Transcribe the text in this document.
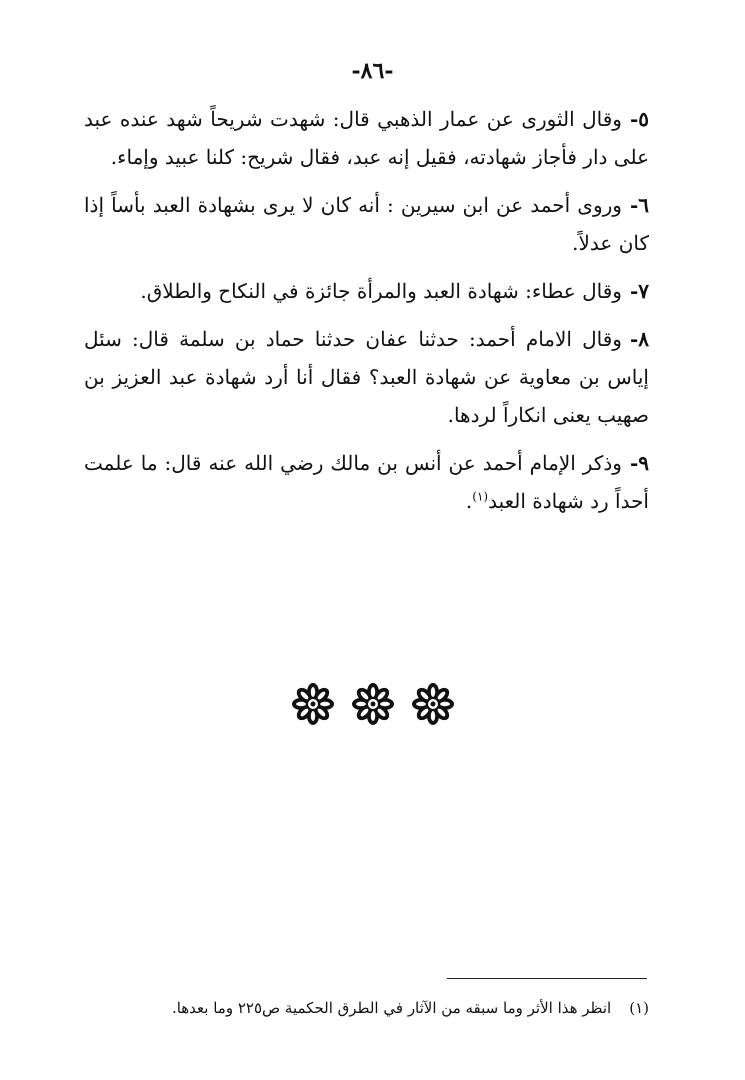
-٨٦-

٥-وقال الثورى عن عمار الذهبي قال: شهدت شريحاً شهد عنده عبد على دار فأجاز شهادته، فقيل إنه عبد، فقال شريح: كلنا عبيد وإماء.

٦-وروى أحمد عن ابن سيرين : أنه كان لا يرى بشهادة العبد بأساً إذا كان عدلاً.

٧-وقال عطاء: شهادة العبد والمرأة جائزة في النكاح والطلاق.

٨-وقال الامام أحمد: حدثنا عفان حدثنا حماد بن سلمة قال: سئل إياس بن معاوية عن شهادة العبد؟ فقال أنا أرد شهادة عبد العزيز بن صهيب يعنى انكاراً لردها.

٩-وذكر الإمام أحمد عن أنس بن مالك رضي الله عنه قال: ما علمت أحداً رد شهادة العبد$^{(١)}$.

(١)انظر هذا الأثر وما سبقه من الآثار في الطرق الحكمية ص٢٢٥ وما بعدها.
